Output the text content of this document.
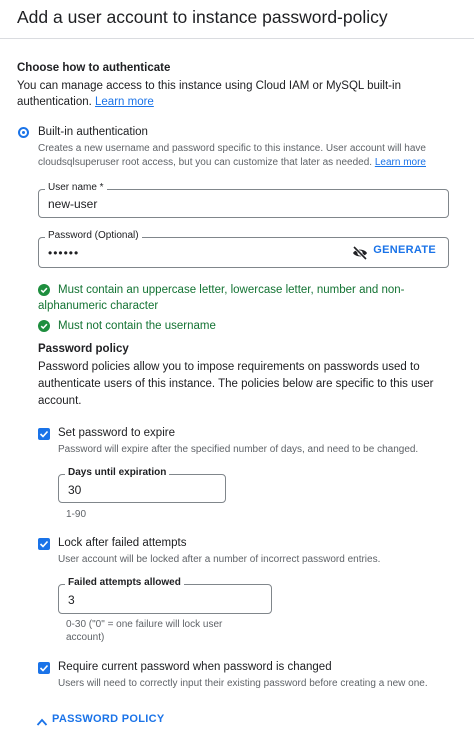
Add a user account to instance password-policy
Choose how to authenticate
You can manage access to this instance using Cloud IAM or MySQL built-in
authentication. Learn more
Built-in authentication
Creates a new username and password specific to this instance. User account will have
cloudsqlsuperuser root access, but you can customize that later as needed. Learn more
User name *
new-user
Password (Optional)
••••••	GENERATE
Must contain an uppercase letter, lowercase letter, number and non-
alphanumeric character
Must not contain the username
Password policy
Password policies allow you to impose requirements on passwords used to
authenticate users of this instance. The policies below are specific to this user
account.
Set password to expire
Password will expire after the specified number of days, and need to be changed.
Days until expiration
30
1-90
Lock after failed attempts
User account will be locked after a number of incorrect password entries.
Failed attempts allowed
3
0-30 ("0" = one failure will lock user
account)
Require current password when password is changed
Users will need to correctly input their existing password before creating a new one.
PASSWORD POLICY
